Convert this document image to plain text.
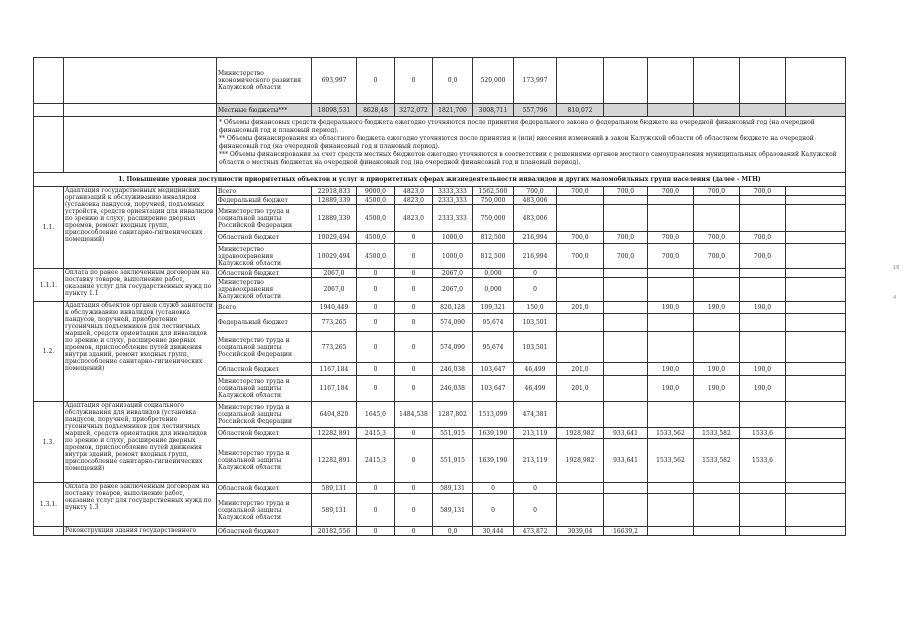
		Министерство экономического развития Калужской области	693,997	0	0	0,0	520,000	173,997						
		Местные бюджеты***	18098,531	8628,48	3272,072	1821,700	3008,711	557,796	810,072					

		* Объемы финансовых средств федерального бюджета ежегодно уточняются после принятия федерального закона о федеральном бюджете на очередной финансовый год (на очередной финансовый год и плановый период).
** Объемы финансирования из областного бюджета ежегодно уточняются после принятия и (или) внесения изменений в закон Калужской области об областном бюджете на очередной финансовый год (на очередной финансовый год и плановый период).
*** Объемы финансирования за счет средств местных бюджетов ежегодно уточняются в соответствии с решениями органов местного самоуправления муниципальных образований Калужской области о местных бюджетах на очередной финансовый год (на очередной финансовый год и плановый период).												

1. Повышение уровня доступности приоритетных объектов и услуг в приоритетных сферах жизнедеятельности инвалидов и других маломобильных групп населения (далее - МГН)														
1.1.	Адаптация государственных медицинских организаций к обслуживанию инвалидов (установка пандусов, поручней, подъемных устройств, средств ориентации для инвалидов по зрению и слуху, расширение дверных проемов, ремонт входных групп, приспособление санитарно-гигиенических помещений)	Всего	22918,833	9000,0	4823,0	3333,333	1562,500	700,0	700,0	700,0	700,0	700,0	700,0	
		Федеральный бюджет	12889,339	4500,0	4823,0	2333,333	750,000	483,006						
		Министерство труда и социальной защиты Российской Федерации	12889,339	4500,0	4823,0	2333,333	750,000	483,006						
		Областной бюджет	10029,494	4500,0	0	1000,0	812,500	216,994	700,0	700,0	700,0	700,0	700,0	
		Министерство здравоохранения Калужской области	10029,494	4500,0	0	1000,0	812,500	216,994	700,0	700,0	700,0	700,0	700,0	
1.1.1.	Оплата по ранее заключенным договорам на поставку товаров, выполнение работ, оказание услуг для государственных нужд по пункту 1.1	Областной бюджет	2067,0	0	0	2067,0	0,000	0						
		Министерство здравоохранения Калужской области	2067,0	0	0	2067,0	0,000	0						
1.2.	Адаптация объектов органов служб занятости к обслуживанию инвалидов (установка пандусов, поручней, приобретение гусеничных подъемников для лестничных маршей, средств ориентации для инвалидов по зрению и слуху, расширение дверных проемов, приспособление путей движения внутри зданий, ремонт входных групп, приспособление санитарно-гигиенических помещений)	Всего	1940,449	0	0	820,128	199,321	150,0	201,0		190,0	190,0	190,0	
		Федеральный бюджет	773,265	0	0	574,090	95,674	103,501						
		Министерство труда и социальной защиты Российской Федерации	773,265	0	0	574,090	95,674	103,501						
		Областной бюджет	1167,184	0	0	246,038	103,647	46,499	201,0		190,0	190,0	190,0	
		Министерство труда и социальной защиты Калужской области	1167,184	0	0	246,038	103,647	46,499	201,0		190,0	190,0	190,0	
1.3.	Адаптация организаций социального обслуживания для инвалидов (установка пандусов, поручней, приобретение гусеничных подъемников для лестничных маршей, средств ориентации для инвалидов по зрению и слуху, расширение дверных проемов, приспособление путей движения внутри зданий, ремонт входных групп, приспособление санитарно-гигиенических помещений)	Министерство труда и социальной защиты Российской Федерации	6404,820	1645,0	1484,538	1287,802	1513,099	474,381						
		Областной бюджет	12282,891	2415,3	0	551,915	1639,190	213,119	1928,982	933,641	1533,562	1533,582	1533,6	
		Министерство труда и социальной защиты Калужской области	12282,891	2415,3	0	551,915	1639,190	213,119	1928,982	933,641	1533,562	1533,582	1533,6	
1.3.1.	Оплата по ранее заключенным договорам на поставку товаров, выполнение работ, оказание услуг для государственных нужд по пункту 1.3	Областной бюджет	589,131	0	0	589,131	0	0						
		Министерство труда и социальной защиты Калужской области	589,131	0	0	589,131	0	0						
	Реконструкция здания государственного	Областной бюджет	20182,556	0	0	0,0	30,444	473,872	3039,04	16639,2				
18
4
